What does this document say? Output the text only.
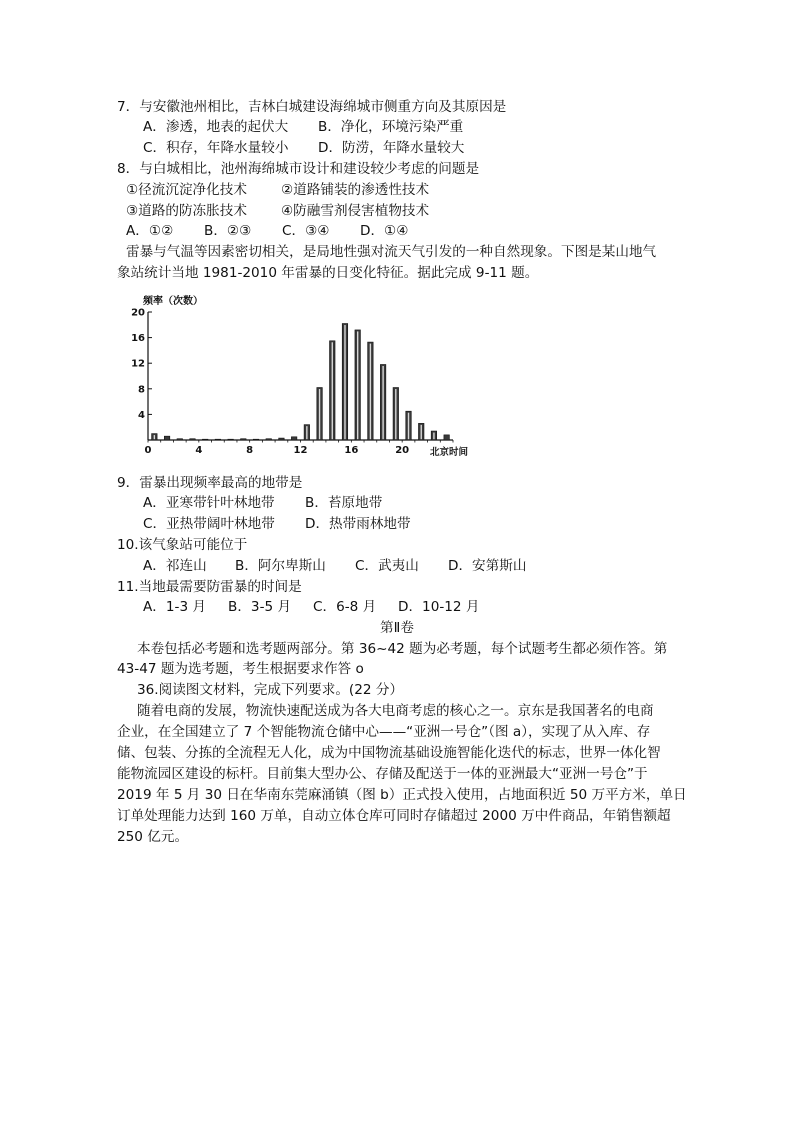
7．与安徽池州相比，吉林白城建设海绵城市侧重方向及其原因是
A．渗透，地表的起伏大 B．净化，环境污染严重
C．积存，年降水量较小 D．防涝，年降水量较大
8．与白城相比，池州海绵城市设计和建设较少考虑的问题是
①径流沉淀净化技术	②道路铺装的渗透性技术
③道路的防冻胀技术	④防融雪剂侵害植物技术
A．①② B．②③ C．③④ D．①④
雷暴与气温等因素密切相关，是局地性强对流天气引发的一种自然现象。下图是某山地气
象站统计当地 1981-2010 年雷暴的日变化特征。据此完成 9-11 题。
频率（次数）
4
8
12
16
20
0	4	8	12	16	20 北京时间
9．雷暴出现频率最高的地带是
A．亚寒带针叶林地带 B．苔原地带
C．亚热带阔叶林地带 D．热带雨林地带
10.该气象站可能位于
A．祁连山 B．阿尔卑斯山 C．武夷山 D．安第斯山
11.当地最需要防雷暴的时间是
A．1-3 月 B．3-5 月 C．6-8 月 D．10-12 月
第Ⅱ卷
本卷包括必考题和选考题两部分。第 36~42 题为必考题，每个试题考生都必须作答。第
43-47 题为选考题，考生根据要求作答 o
36.阅读图文材料，完成下列要求。(22 分）
随着电商的发展，物流快速配送成为各大电商考虑的核心之一。京东是我国著名的电商
企业，在全国建立了 7 个智能物流仓储中心——“亚洲一号仓”（图 a），实现了从入库、存
储、包装、分拣的全流程无人化，成为中国物流基础设施智能化迭代的标志，世界一体化智
能物流园区建设的标杆。目前集大型办公、存储及配送于一体的亚洲最大“亚洲一号仓”于
2019 年 5 月 30 日在华南东莞麻涌镇（图 b）正式投入使用，占地面积近 50 万平方米，单日
订单处理能力达到 160 万单，自动立体仓库可同时存储超过 2000 万中件商品，年销售额超
250 亿元。
